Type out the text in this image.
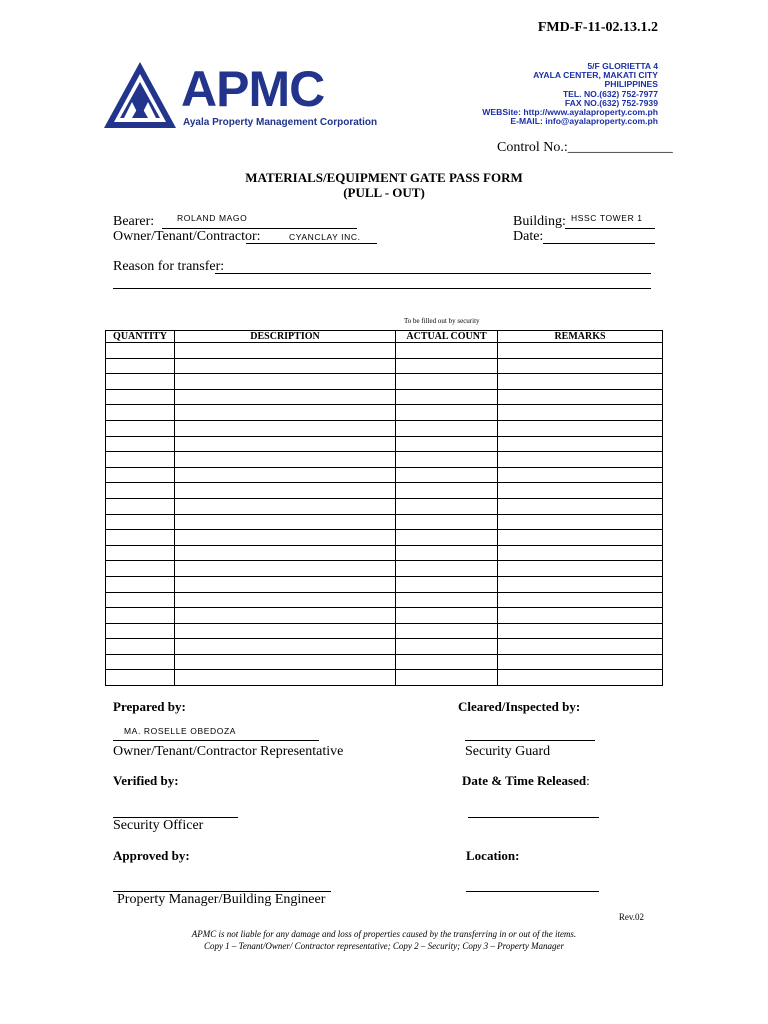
FMD-F-11-02.13.1.2
APMC
Ayala Property Management Corporation
5/F GLORIETTA 4
AYALA CENTER, MAKATI CITY
PHILIPPINES
TEL. NO.(632) 752-7977
FAX NO.(632) 752-7939
WEBSite: http://www.ayalaproperty.com.ph
E-MAIL: info@ayalaproperty.com.ph
Control No.:_______________
MATERIALS/EQUIPMENT GATE PASS FORM
(PULL - OUT)
Bearer:	ROLAND MAGO
Owner/Tenant/Contractor:	CYANCLAY INC.
Building: HSSC TOWER 1
Date:
Reason for transfer:
To be filled out by security
QUANTITY	DESCRIPTION	ACTUAL COUNT	REMARKS

Prepared by:
MA. ROSELLE OBEDOZA
Owner/Tenant/Contractor Representative
Cleared/Inspected by:
Security Guard
Verified by:
Security Officer
Date & Time Released:
Approved by:
Property Manager/Building Engineer
Location:
Rev.02
APMC is not liable for any damage and loss of properties caused by the transferring in or out of the items.
Copy 1 – Tenant/Owner/ Contractor representative; Copy 2 – Security; Copy 3 – Property Manager
